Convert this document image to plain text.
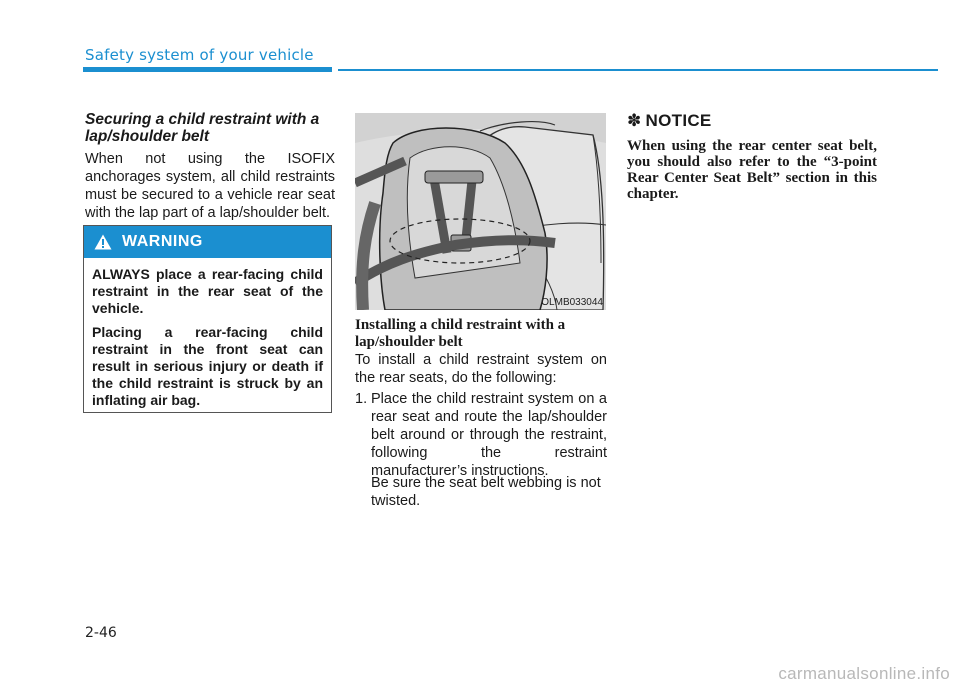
Safety system of your vehicle
Securing a child restraint with a lap/shoulder belt
When not using the ISOFIX anchorages system, all child restraints must be secured to a vehicle rear seat with the lap part of a lap/shoulder belt.
WARNING

ALWAYS place a rear-facing child restraint in the rear seat of the vehicle.

Placing a rear-facing child restraint in the front seat can result in serious injury or death if the child restraint is struck by an inflating air bag.

OLMB033044
Installing a child restraint with a lap/shoulder belt
To install a child restraint system on the rear seats, do the following:
1. Place the child restraint system on a rear seat and route the lap/shoulder belt around or through the restraint, following the restraint manufacturer’s instructions.
Be sure the seat belt webbing is not twisted.
✽ NOTICE
When using the rear center seat belt, you should also refer to the “3-point Rear Center Seat Belt” section in this chapter.
2-46
carmanualsonline.info
